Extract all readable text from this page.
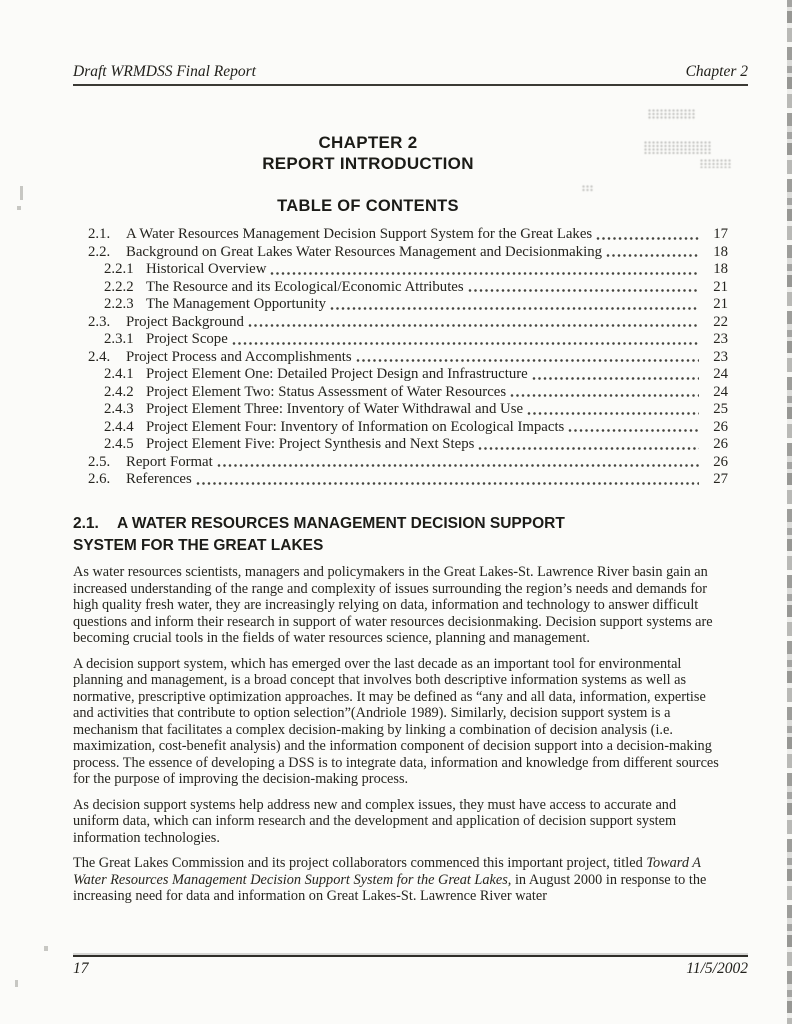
Draft WRMDSS Final Report	Chapter 2
CHAPTER 2
REPORT INTRODUCTION
TABLE OF CONTENTS
2.1.	A Water Resources Management Decision Support System for the Great Lakes	17
2.2.	Background on Great Lakes Water Resources Management and Decisionmaking	18
2.2.1 Historical Overview	18
2.2.2 The Resource and its Ecological/Economic Attributes	21
2.2.3 The Management Opportunity	21
2.3.	Project Background	22
2.3.1 Project Scope	23
2.4.	Project Process and Accomplishments	23
2.4.1 Project Element One: Detailed Project Design and Infrastructure	24
2.4.2 Project Element Two: Status Assessment of Water Resources	24
2.4.3 Project Element Three: Inventory of Water Withdrawal and Use	25
2.4.4 Project Element Four: Inventory of Information on Ecological Impacts	26
2.4.5 Project Element Five: Project Synthesis and Next Steps	26
2.5.	Report Format	26
2.6.	References	27
2.1.	A WATER RESOURCES MANAGEMENT DECISION SUPPORT
SYSTEM FOR THE GREAT LAKES

As water resources scientists, managers and policymakers in the Great Lakes-St. Lawrence River basin gain an increased understanding of the range and complexity of issues surrounding the region’s needs and demands for high quality fresh water, they are increasingly relying on data, information and technology to answer difficult questions and inform their research in support of water resources decisionmaking. Decision support systems are becoming crucial tools in the fields of water resources science, planning and management.

A decision support system, which has emerged over the last decade as an important tool for environmental planning and management, is a broad concept that involves both descriptive information systems as well as normative, prescriptive optimization approaches. It may be defined as “any and all data, information, expertise and activities that contribute to option selection”(Andriole 1989). Similarly, decision support system is a mechanism that facilitates a complex decision-making by linking a combination of decision analysis (i.e. maximization, cost-benefit analysis) and the information component of decision support into a decision-making process. The essence of developing a DSS is to integrate data, information and knowledge from different sources for the purpose of improving the decision-making process.

As decision support systems help address new and complex issues, they must have access to accurate and uniform data, which can inform research and the development and application of decision support system information technologies.

The Great Lakes Commission and its project collaborators commenced this important project, titled Toward A Water Resources Management Decision Support System for the Great Lakes, in August 2000 in response to the increasing need for data and information on Great Lakes-St. Lawrence River water

17	11/5/2002
